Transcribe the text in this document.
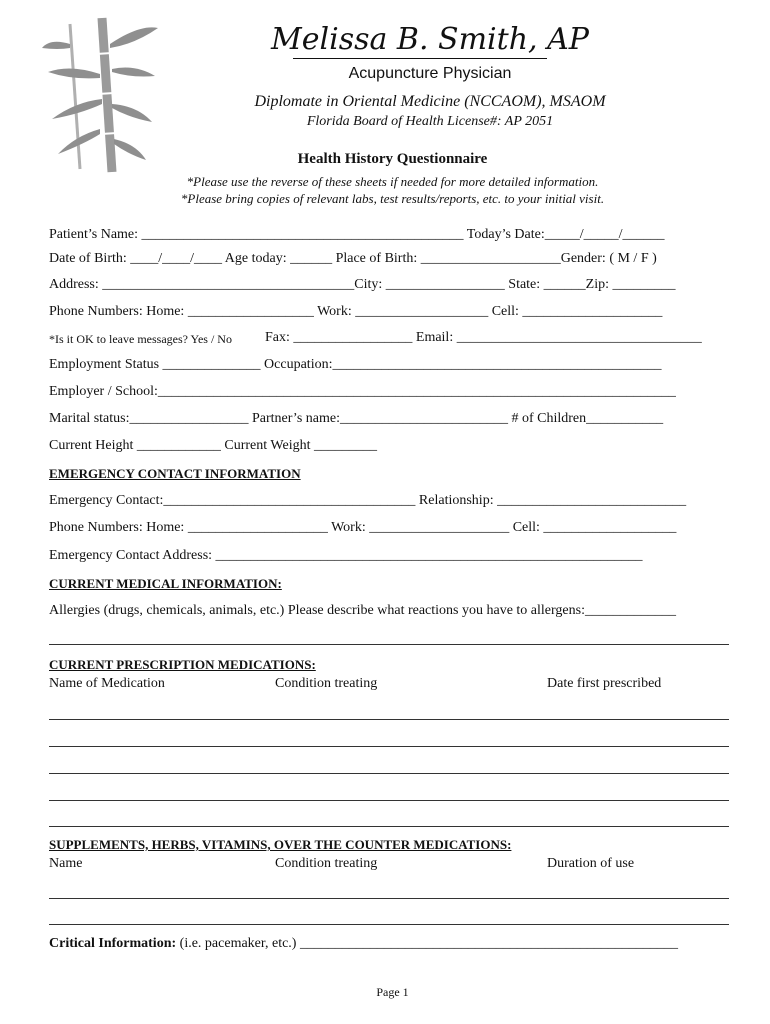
Melissa B. Smith, AP
Acupuncture Physician
Diplomate in Oriental Medicine (NCCAOM), MSAOM
Florida Board of Health License#: AP 2051
Health History Questionnaire
*Please use the reverse of these sheets if needed for more detailed information.
*Please bring copies of relevant labs, test results/reports, etc. to your initial visit.
Patient’s Name: ______________________________________________ Today’s Date:_____/_____/______
Date of Birth: ____/____/____ Age today: ______ Place of Birth: ____________________Gender: ( M / F )
Address: ____________________________________City: _________________ State: ______Zip: _________
Phone Numbers: Home: __________________ Work: ___________________ Cell: ____________________
*Is it OK to leave messages? Yes / No Fax: _________________ Email: ___________________________________
Employment Status ______________ Occupation:_______________________________________________
Employer / School:__________________________________________________________________________
Marital status:_________________ Partner’s name:________________________ # of Children___________
Current Height ____________ Current Weight _________
EMERGENCY CONTACT INFORMATION
Emergency Contact:____________________________________ Relationship: ___________________________
Phone Numbers: Home: ____________________ Work: ____________________ Cell: ___________________
Emergency Contact Address: _____________________________________________________________
CURRENT MEDICAL INFORMATION:
Allergies (drugs, chemicals, animals, etc.) Please describe what reactions you have to allergens:_____________
CURRENT PRESCRIPTION MEDICATIONS:
Name of Medication	Condition treating	Date first prescribed
SUPPLEMENTS, HERBS, VITAMINS, OVER THE COUNTER MEDICATIONS:
Name	Condition treating	Duration of use
Critical Information: (i.e. pacemaker, etc.) ______________________________________________________
Page 1
